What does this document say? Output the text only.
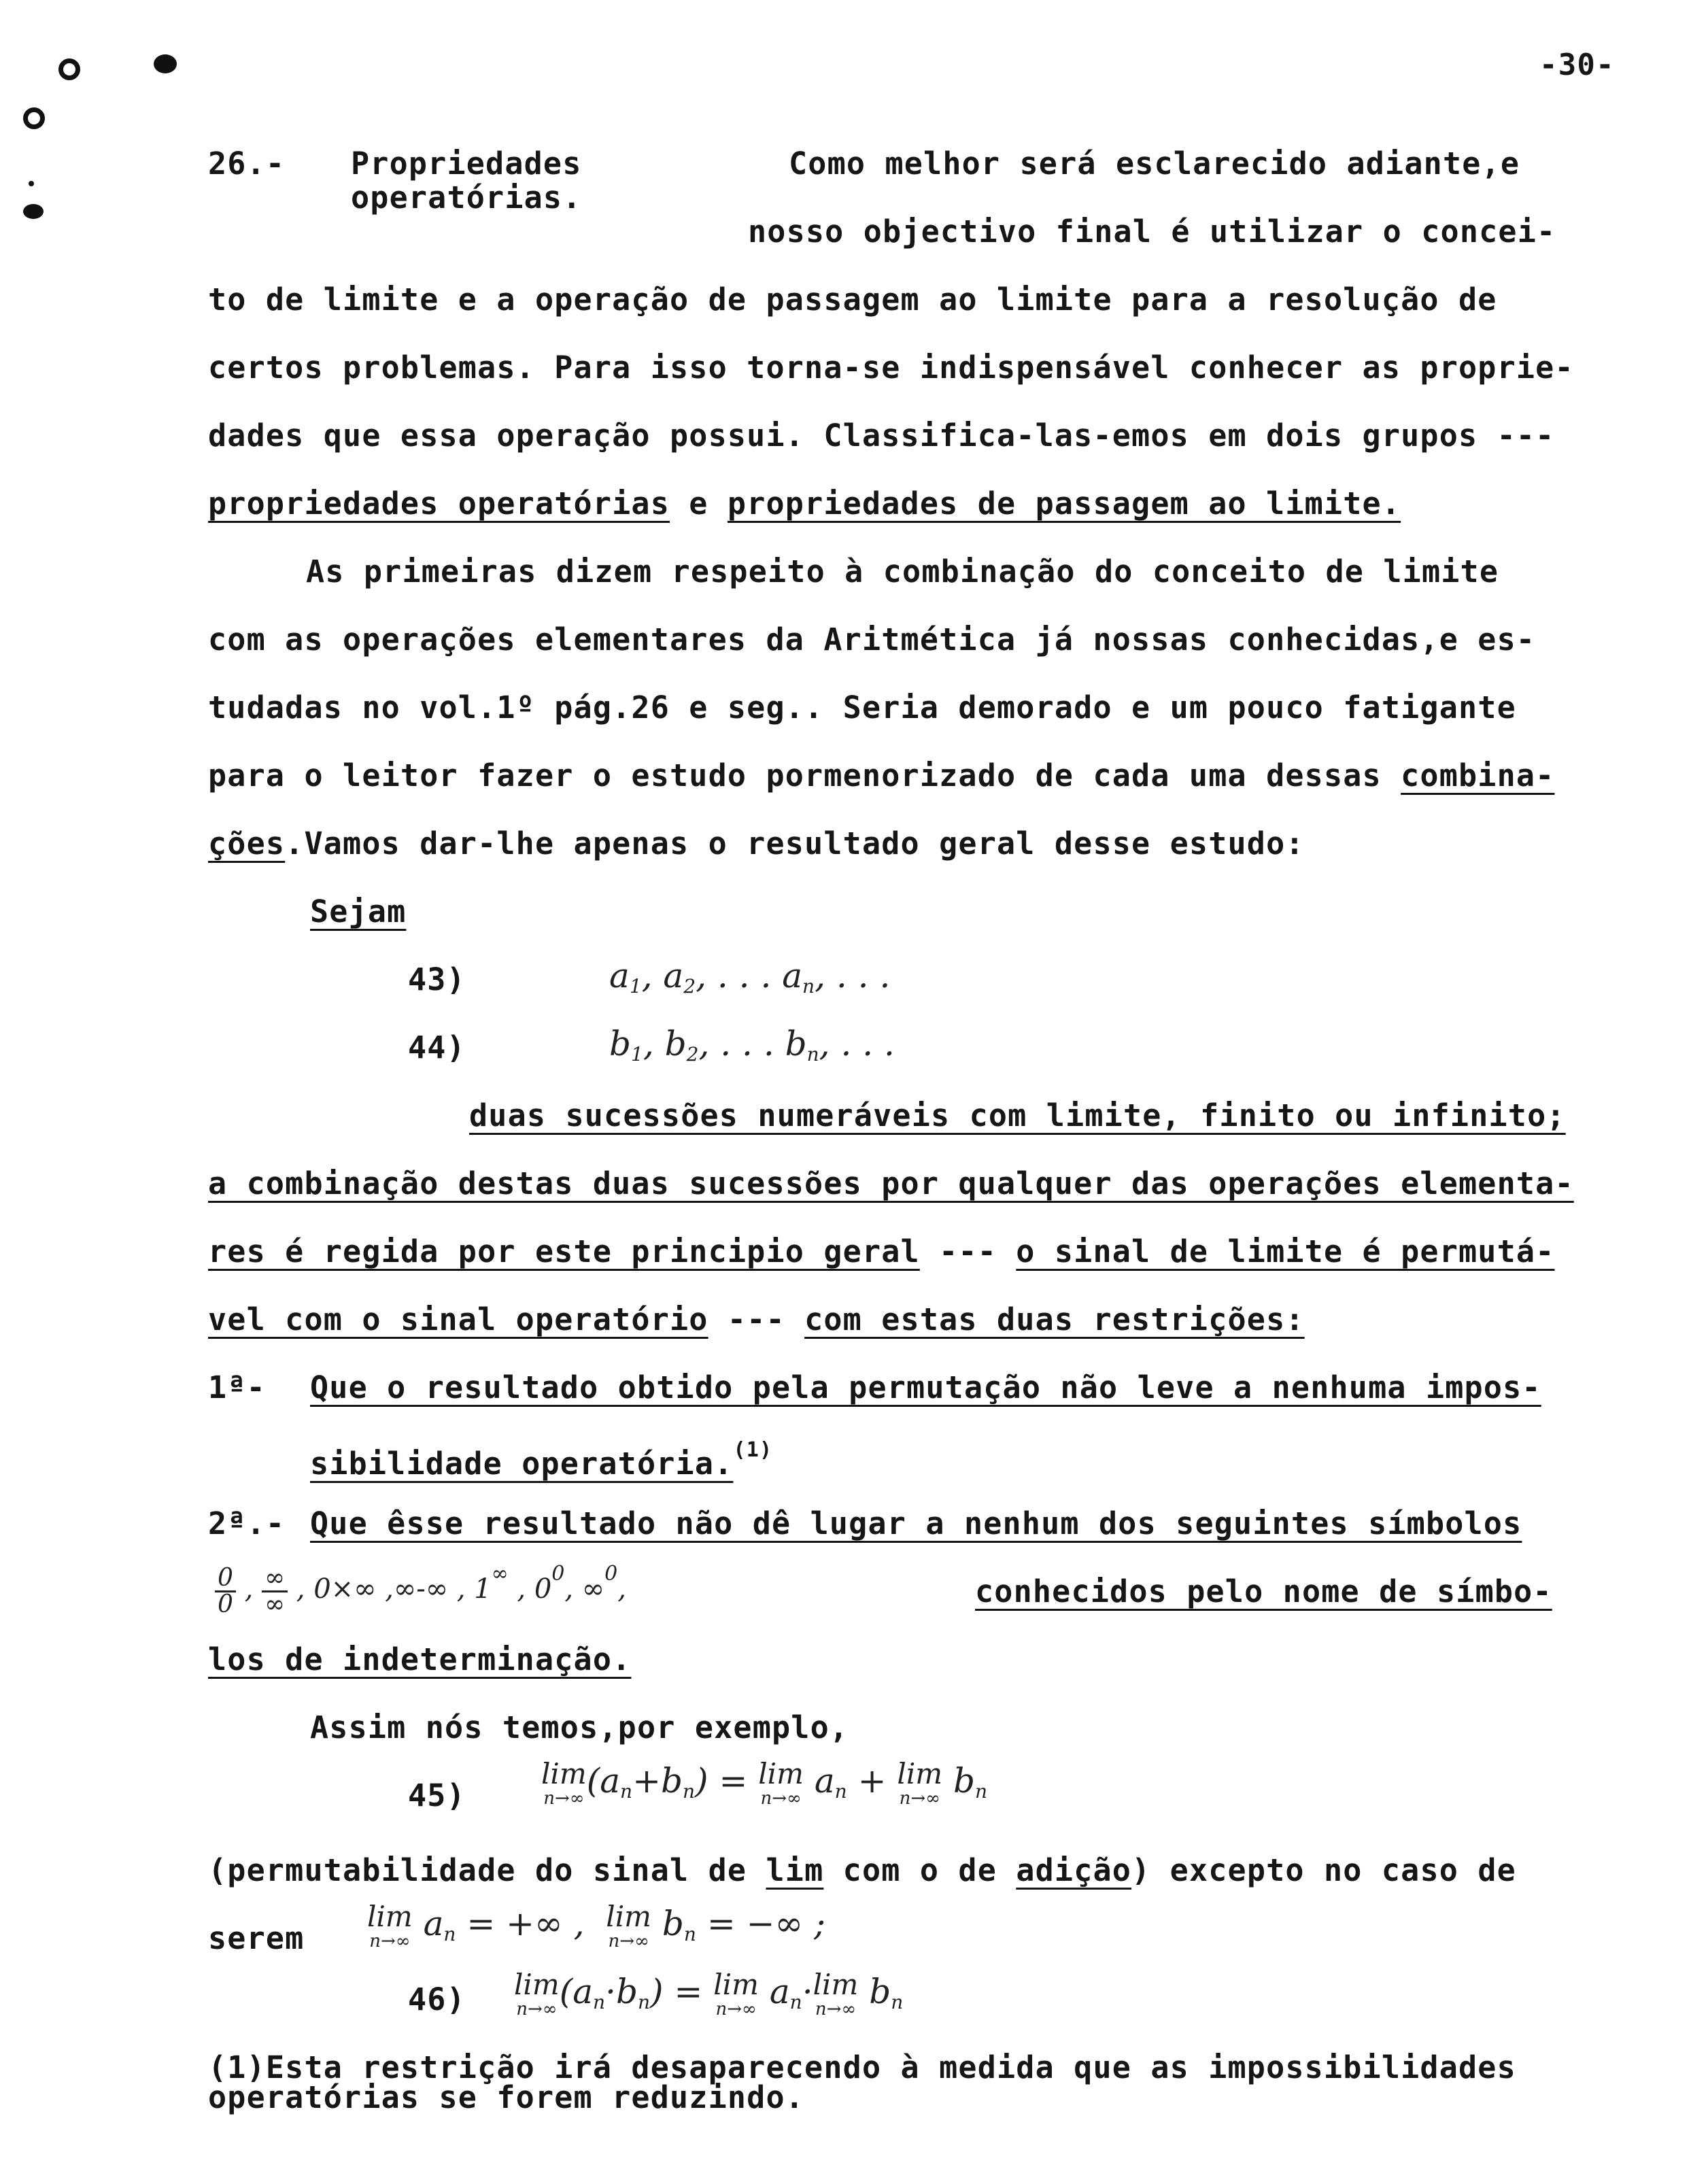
-30-
26.- Propriedades
operatórias.
Como melhor será esclarecido adiante,e
nosso objectivo final é utilizar o concei-
to de limite e a operação de passagem ao limite para a resolução de
certos problemas. Para isso torna-se indispensável conhecer as proprie-
dades que essa operação possui. Classifica-las-emos em dois grupos ---
propriedades operatórias e propriedades de passagem ao limite.
As primeiras dizem respeito à combinação do conceito de limite
com as operações elementares da Aritmética já nossas conhecidas,e es-
tudadas no vol.1º pág.26 e seg.. Seria demorado e um pouco fatigante
para o leitor fazer o estudo pormenorizado de cada uma dessas combina-
ções.Vamos dar-lhe apenas o resultado geral desse estudo:
Sejam
43)	$a_1$, $a_2$, . . . $a_n$, . . .
44)	$b_1$, $b_2$, . . . $b_n$, . . .
duas sucessões numeráveis com limite, finito ou infinito;
a combinação destas duas sucessões por qualquer das operações elementa-
res é regida por este principio geral --- o sinal de limite é permutá-
vel com o sinal operatório --- com estas duas restrições:
1ª- Que o resultado obtido pela permutação não leve a nenhuma impos-
sibilidade operatória.$^{(1)}$
2ª.- Que êsse resultado não dê lugar a nenhum dos seguintes símbolos
$\frac{0}{0}$ , $\frac{\infty}{\infty}$ , 0×∞ ,∞-∞ , 1∞ , 0$^0$, ∞$^0$,	conhecidos pelo nome de símbo-
los de indeterminação.
Assim nós temos,por exemplo,
45)
lim
n→∞ $(a_n+b_n) = \lim$
n→∞ $a_n + \lim$
n→∞ $b_n$
(permutabilidade do sinal de lim com o de adição) excepto no caso de
serem
lim
n→∞ $a_n$ = +∞ , lim
n→∞ $b_n$ = −∞ ;
46) lim
n→∞ $(a_n\cdot b_n) = \lim$
n→∞ $a_n\cdot \lim$
n→∞ $b_n$
(1)Esta restrição irá desaparecendo à medida que as impossibilidades
operatórias se forem reduzindo.
